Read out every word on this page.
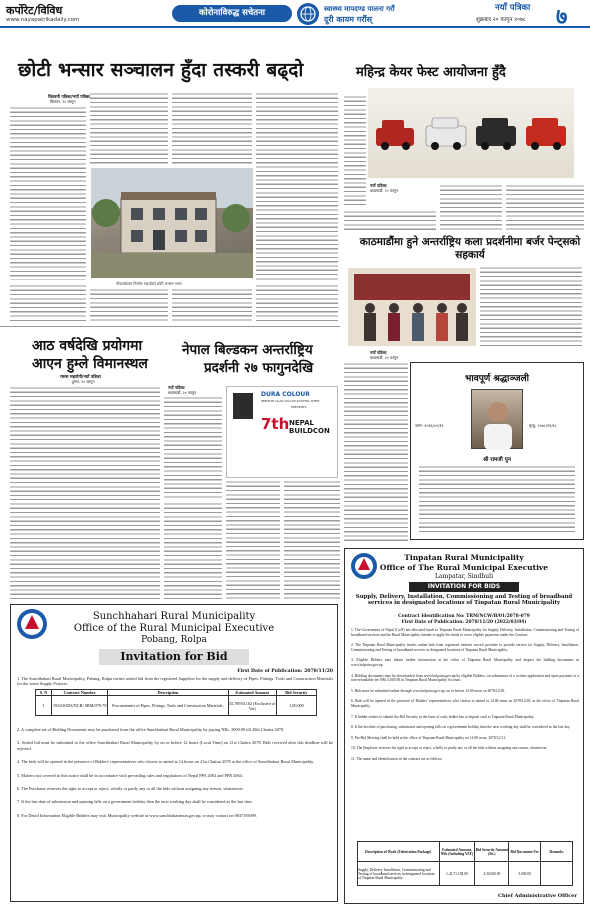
कर्पोरेट/विविध
www.nayapatrikadaily.com
कोरोनाविरुद्ध सचेतना	स्वास्थ्य मापदण्ड पालना गरौं
दूरी कायम गरौंस्
नयाँ पत्रिका
शुक्रबार २० फागुन २०७८ ७
छोटी भन्सार सञ्चालन हुँदा तस्करी बढ्दो
चितवनी पत्रिका/नयाँ पत्रिका
चितवन, २० फागुन
पीपलबोटमा निर्माण भइरहेको छोटी भन्सार भवन
महिन्द्र केयर फेस्ट आयोजना हुँदै
नयाँ पत्रिका
काठमाडौं, २० फागुन
काठमाडौंमा हुने अन्तर्राष्ट्रिय कला प्रदर्शनीमा बर्जर पेन्ट्सको सहकार्य
नयाँ पत्रिका
काठमाडौं, २० फागुन
आठ वर्षदेखि प्रयोगमा
आएन हुम्ले विमानस्थल
रासस सहयोगी/नयाँ पत्रिका
हुम्ला, २० फागुन
नेपाल बिल्डकन अन्तर्राष्ट्रिय
प्रदर्शनी २७ फागुनदेखि
नयाँ पत्रिका
काठमाडौं, २० फागुन	DURA COLOUR
PREMIUM ALLIN-COLOUR ROOFING SHEET
PRESENTS
7th NEPAL BUILDCON
भावपूर्ण श्रद्धाञ्जली
जन्म: २०१६/०२/१९	मृत्यु: २०७८/११/१८
श्री रामजी पुन
Sunchhahari Rural Municipality
Office of the Rural Municipal Executive
Pobang, Rolpa
Invitation for Bid
First Date of Publication: 2078/11/20
1. The Sunchhahari Rural Municipality, Pobang, Rolpa invites sealed bid from the registered Suppliers for the supply and delivery of Pipes, Fittings, Tools and Construction Materials for the water Supply Projects.
S. N	Contract Number	Description	Estimated Amount	Bid Security
1	19/GOODS/NCB/ SRM/078-79	Procurements of Pipes, Fittings, Tools and Construction Materials.	35,78930.162 (Exclusive of Vat)	1,00,000

2. A complete set of Bidding Documents may be purchased from the office Sunchhahari Rural Municipality by paying NRs. 3000.00 till 20th Chaitra 2078.

3. Sealed bid must be submitted to the office Sunchhahari Rural Municipality by on or before 12 hours (Local Time) on 21st Chaitra 2078. Bids received after this deadline will be rejected.

4. The bids will be opened in the presence of Bidders' representatives who choose to attend at 14 hours on 21st Chaitra 2078 at the office of Sunchhahari Rural Municipality.

5. Matters not covered in this notice shall be in accordance with prevailing rules and regulations of Nepal PPA 2063 and PPR 2064.

6. The Purchaser reserves the right to accept or reject, wholly or partly any or all the bids without assigning any reason, whatsoever.

7. If the last date of submission and opening falls on a government holiday then the next working day shall be considered as the last date.

8. For Detail Information Eligible Bidders may visit Municipality website at www.sunchhaharimun.gov.np, or may contact on 9847193099.

Tinpatan Rural Municipality
Office of The Rural Municipal Executive
Lampatar, Sindhuli
INVITATION FOR BIDS
Supply, Delivery, Installation, Commissioning and Testing of broadband services in designated locations of Tinpatan Rural Municipality
Contract Identification No: TRM/NCW/B/01/2078-079
First Date of Publication: 2078/11/20 (2022/03/04)

1. The Government of Nepal (GoN) has allocated funds to Tinpatan Rural Municipality for Supply, Delivery, Installation, Commissioning and Testing of broadband services and the Rural Municipality intends to apply the funds to cover eligible payments under the Contract.

2. The Tinpatan Rural Municipality invites online bids from registered internet service provider to provide service for Supply, Delivery, Installation, Commissioning and Testing of broadband services in designated locations of Tinpatan Rural Municipality.

3. Eligible Bidders may obtain further information at the office of Tinpatan Rural Municipality and inspect the bidding documents in www.bolpatra.gov.np

4. Bidding documents may be downloaded from www.bolpatra.gov.np by eligible Bidders, on submission of a written application and upon payment of a non-refundable fee NRs 5,000.00 in Tinpatan Rural Municipality Account.

5. Bids must be submitted online through www.bolpatra.gov.np, on or before 12:00 noon on 2078/12/20.

6. Bids will be opened in the presence of Bidders' representatives who choose to attend at 14:00 noon on 2078/12/20, at the office of Tinpatan Rural Municipality.

7. If bidder wishes to submit the Bid Security in the form of cash, bidder has to deposit cash to Tinpatan Rural Municipality.

8. If the last date of purchasing, submission and opening falls on a government holiday then the next working day shall be considered as the last day.

9. Pre-Bid Meeting shall be held at the office of Tinpatan Rural Municipality on 14:00 noon, 2078/12/11.

10. The Employer reserves the right to accept or reject, wholly or partly any or all the bids without assigning any reason, whatsoever.

11. The name and identification of the contract are as follows:

Description of Work (Fabrication Package)	Estimated Amount, NRs (Including VAT)	Bid Security Amount (Rs.)	Bid Document Fee	Remarks
Supply, Delivery, Installation, Commissioning and Testing of broadband services in designated locations of Tinpatan Rural Municipality	1,43,71,158.00	4,30,000.00	5,000.00	
Chief Administrative Officer
